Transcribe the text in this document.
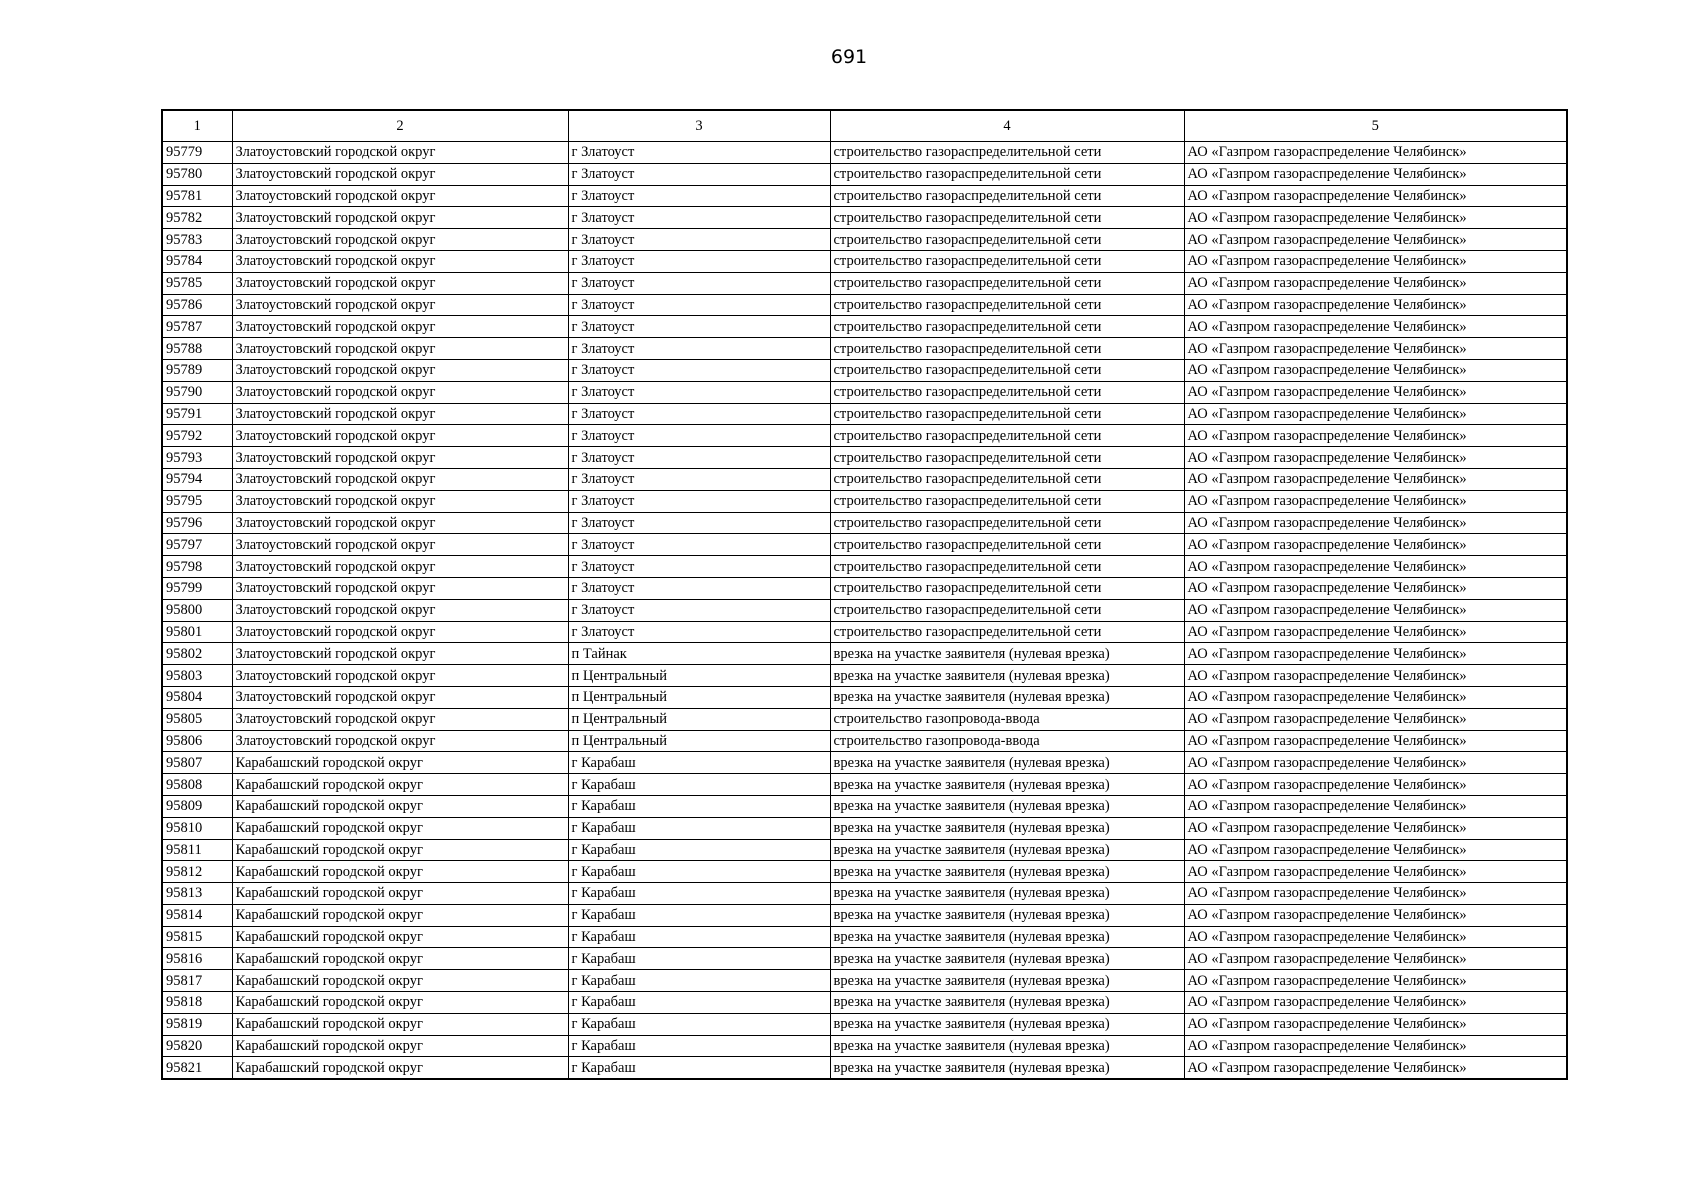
691
1	2	3	4	5
95779	Златоустовский городской округ	г Златоуст	строительство газораспределительной сети	АО «Газпром газораспределение Челябинск»
95780	Златоустовский городской округ	г Златоуст	строительство газораспределительной сети	АО «Газпром газораспределение Челябинск»
95781	Златоустовский городской округ	г Златоуст	строительство газораспределительной сети	АО «Газпром газораспределение Челябинск»
95782	Златоустовский городской округ	г Златоуст	строительство газораспределительной сети	АО «Газпром газораспределение Челябинск»
95783	Златоустовский городской округ	г Златоуст	строительство газораспределительной сети	АО «Газпром газораспределение Челябинск»
95784	Златоустовский городской округ	г Златоуст	строительство газораспределительной сети	АО «Газпром газораспределение Челябинск»
95785	Златоустовский городской округ	г Златоуст	строительство газораспределительной сети	АО «Газпром газораспределение Челябинск»
95786	Златоустовский городской округ	г Златоуст	строительство газораспределительной сети	АО «Газпром газораспределение Челябинск»
95787	Златоустовский городской округ	г Златоуст	строительство газораспределительной сети	АО «Газпром газораспределение Челябинск»
95788	Златоустовский городской округ	г Златоуст	строительство газораспределительной сети	АО «Газпром газораспределение Челябинск»
95789	Златоустовский городской округ	г Златоуст	строительство газораспределительной сети	АО «Газпром газораспределение Челябинск»
95790	Златоустовский городской округ	г Златоуст	строительство газораспределительной сети	АО «Газпром газораспределение Челябинск»
95791	Златоустовский городской округ	г Златоуст	строительство газораспределительной сети	АО «Газпром газораспределение Челябинск»
95792	Златоустовский городской округ	г Златоуст	строительство газораспределительной сети	АО «Газпром газораспределение Челябинск»
95793	Златоустовский городской округ	г Златоуст	строительство газораспределительной сети	АО «Газпром газораспределение Челябинск»
95794	Златоустовский городской округ	г Златоуст	строительство газораспределительной сети	АО «Газпром газораспределение Челябинск»
95795	Златоустовский городской округ	г Златоуст	строительство газораспределительной сети	АО «Газпром газораспределение Челябинск»
95796	Златоустовский городской округ	г Златоуст	строительство газораспределительной сети	АО «Газпром газораспределение Челябинск»
95797	Златоустовский городской округ	г Златоуст	строительство газораспределительной сети	АО «Газпром газораспределение Челябинск»
95798	Златоустовский городской округ	г Златоуст	строительство газораспределительной сети	АО «Газпром газораспределение Челябинск»
95799	Златоустовский городской округ	г Златоуст	строительство газораспределительной сети	АО «Газпром газораспределение Челябинск»
95800	Златоустовский городской округ	г Златоуст	строительство газораспределительной сети	АО «Газпром газораспределение Челябинск»
95801	Златоустовский городской округ	г Златоуст	строительство газораспределительной сети	АО «Газпром газораспределение Челябинск»
95802	Златоустовский городской округ	п Тайнак	врезка на участке заявителя (нулевая врезка)	АО «Газпром газораспределение Челябинск»
95803	Златоустовский городской округ	п Центральный	врезка на участке заявителя (нулевая врезка)	АО «Газпром газораспределение Челябинск»
95804	Златоустовский городской округ	п Центральный	врезка на участке заявителя (нулевая врезка)	АО «Газпром газораспределение Челябинск»
95805	Златоустовский городской округ	п Центральный	строительство газопровода-ввода	АО «Газпром газораспределение Челябинск»
95806	Златоустовский городской округ	п Центральный	строительство газопровода-ввода	АО «Газпром газораспределение Челябинск»
95807	Карабашский городской округ	г Карабаш	врезка на участке заявителя (нулевая врезка)	АО «Газпром газораспределение Челябинск»
95808	Карабашский городской округ	г Карабаш	врезка на участке заявителя (нулевая врезка)	АО «Газпром газораспределение Челябинск»
95809	Карабашский городской округ	г Карабаш	врезка на участке заявителя (нулевая врезка)	АО «Газпром газораспределение Челябинск»
95810	Карабашский городской округ	г Карабаш	врезка на участке заявителя (нулевая врезка)	АО «Газпром газораспределение Челябинск»
95811	Карабашский городской округ	г Карабаш	врезка на участке заявителя (нулевая врезка)	АО «Газпром газораспределение Челябинск»
95812	Карабашский городской округ	г Карабаш	врезка на участке заявителя (нулевая врезка)	АО «Газпром газораспределение Челябинск»
95813	Карабашский городской округ	г Карабаш	врезка на участке заявителя (нулевая врезка)	АО «Газпром газораспределение Челябинск»
95814	Карабашский городской округ	г Карабаш	врезка на участке заявителя (нулевая врезка)	АО «Газпром газораспределение Челябинск»
95815	Карабашский городской округ	г Карабаш	врезка на участке заявителя (нулевая врезка)	АО «Газпром газораспределение Челябинск»
95816	Карабашский городской округ	г Карабаш	врезка на участке заявителя (нулевая врезка)	АО «Газпром газораспределение Челябинск»
95817	Карабашский городской округ	г Карабаш	врезка на участке заявителя (нулевая врезка)	АО «Газпром газораспределение Челябинск»
95818	Карабашский городской округ	г Карабаш	врезка на участке заявителя (нулевая врезка)	АО «Газпром газораспределение Челябинск»
95819	Карабашский городской округ	г Карабаш	врезка на участке заявителя (нулевая врезка)	АО «Газпром газораспределение Челябинск»
95820	Карабашский городской округ	г Карабаш	врезка на участке заявителя (нулевая врезка)	АО «Газпром газораспределение Челябинск»
95821	Карабашский городской округ	г Карабаш	врезка на участке заявителя (нулевая врезка)	АО «Газпром газораспределение Челябинск»
